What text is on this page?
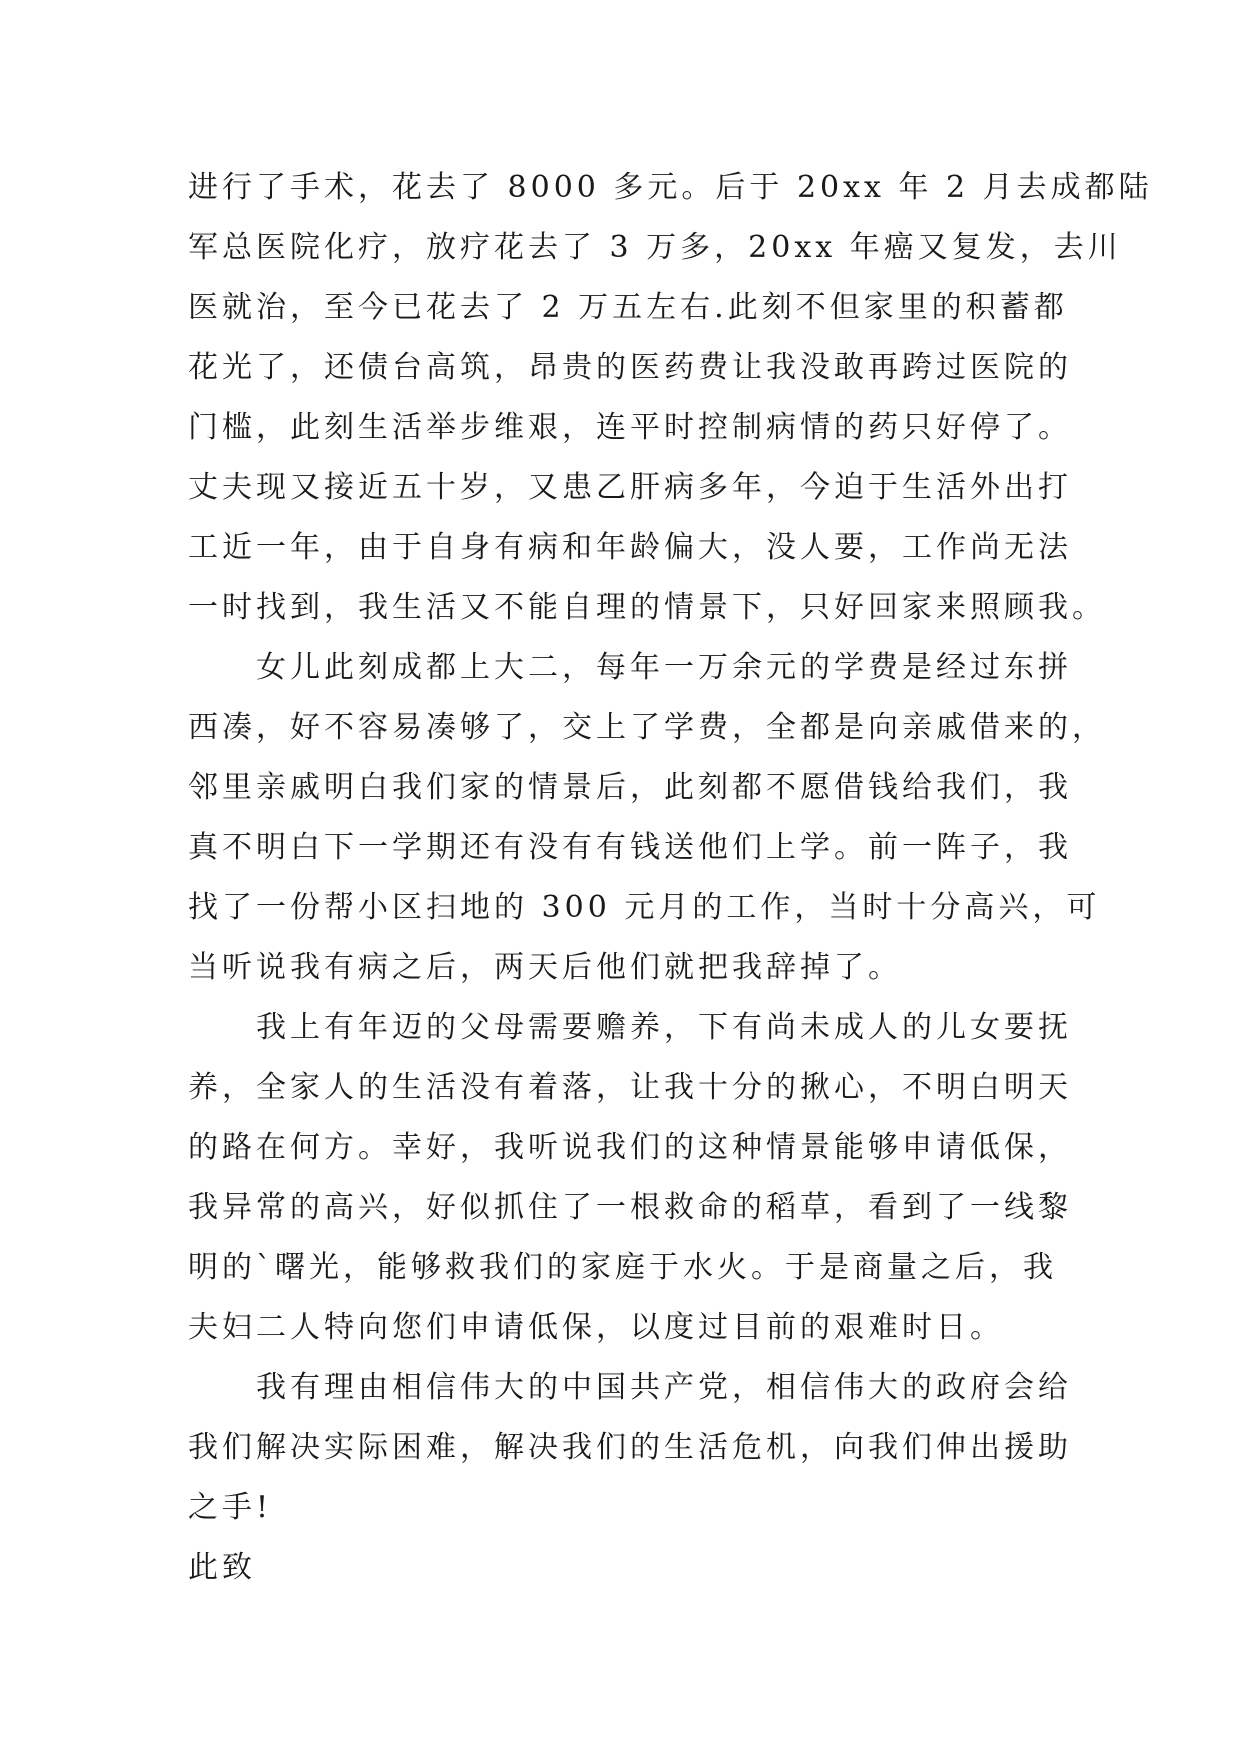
进行了手术，花去了 8000 多元。后于 20xx 年 2 月去成都陆
军总医院化疗，放疗花去了 3 万多，20xx 年癌又复发，去川
医就治，至今已花去了 2 万五左右.此刻不但家里的积蓄都
花光了，还债台高筑，昂贵的医药费让我没敢再跨过医院的
门槛，此刻生活举步维艰，连平时控制病情的药只好停了。
丈夫现又接近五十岁，又患乙肝病多年，今迫于生活外出打
工近一年，由于自身有病和年龄偏大，没人要，工作尚无法
一时找到，我生活又不能自理的情景下，只好回家来照顾我。
女儿此刻成都上大二，每年一万余元的学费是经过东拼
西凑，好不容易凑够了，交上了学费，全都是向亲戚借来的，
邻里亲戚明白我们家的情景后，此刻都不愿借钱给我们，我
真不明白下一学期还有没有有钱送他们上学。前一阵子，我
找了一份帮小区扫地的 300 元月的工作，当时十分高兴，可
当听说我有病之后，两天后他们就把我辞掉了。
我上有年迈的父母需要赡养，下有尚未成人的儿女要抚
养，全家人的生活没有着落，让我十分的揪心，不明白明天
的路在何方。幸好，我听说我们的这种情景能够申请低保，
我异常的高兴，好似抓住了一根救命的稻草，看到了一线黎
明的`曙光，能够救我们的家庭于水火。于是商量之后，我
夫妇二人特向您们申请低保，以度过目前的艰难时日。
我有理由相信伟大的中国共产党，相信伟大的政府会给
我们解决实际困难，解决我们的生活危机，向我们伸出援助
之手!
此致
